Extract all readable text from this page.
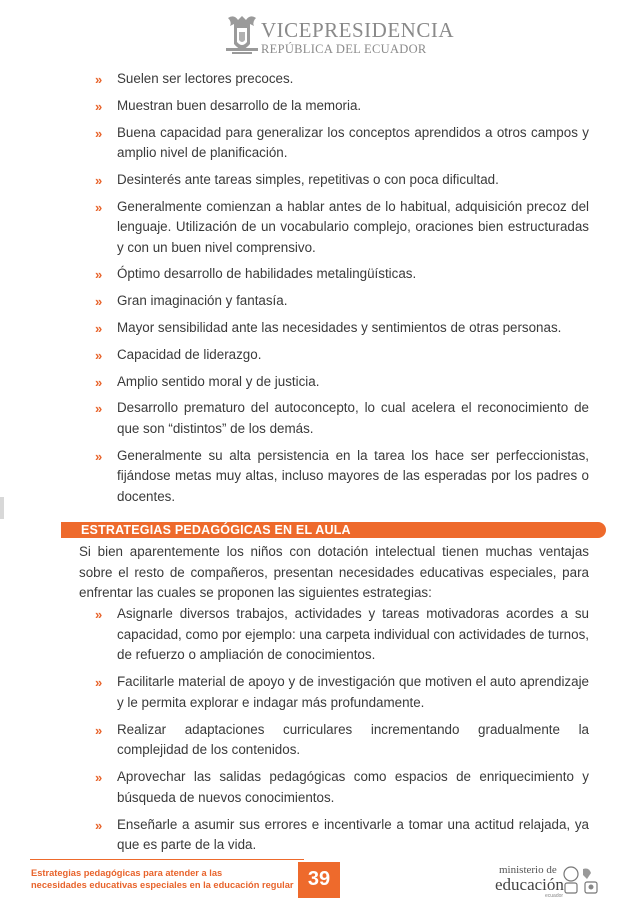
VICEPRESIDENCIA
REPÚBLICA DEL ECUADOR
» Suelen ser lectores precoces.
» Muestran buen desarrollo de la memoria.
» Buena capacidad para generalizar los conceptos aprendidos a otros campos y amplio nivel de planificación.
» Desinterés ante tareas simples, repetitivas o con poca dificultad.
» Generalmente comienzan a hablar antes de lo habitual, adquisición precoz del lenguaje. Utilización de un vocabulario complejo, oraciones bien estructuradas y con un buen nivel comprensivo.
» Óptimo desarrollo de habilidades metalingüísticas.
» Gran imaginación y fantasía.
» Mayor sensibilidad ante las necesidades y sentimientos de otras personas.
» Capacidad de liderazgo.
» Amplio sentido moral y de justicia.
» Desarrollo prematuro del autoconcepto, lo cual acelera el reconocimiento de que son “distintos” de los demás.
» Generalmente su alta persistencia en la tarea los hace ser perfeccionistas, fijándose metas muy altas, incluso mayores de las esperadas por los padres o docentes.
ESTRATEGIAS PEDAGÓGICAS EN EL AULA

Si bien aparentemente los niños con dotación intelectual tienen muchas ventajas sobre el resto de compañeros, presentan necesidades educativas especiales, para enfrentar las cuales se proponen las siguientes estrategias:

» Asignarle diversos trabajos, actividades y tareas motivadoras acordes a su capacidad, como por ejemplo: una carpeta individual con actividades de turnos, de refuerzo o ampliación de conocimientos.
» Facilitarle material de apoyo y de investigación que motiven el auto aprendizaje y le permita explorar e indagar más profundamente.
» Realizar adaptaciones curriculares incrementando gradualmente la complejidad de los contenidos.
» Aprovechar las salidas pedagógicas como espacios de enriquecimiento y búsqueda de nuevos conocimientos.
» Enseñarle a asumir sus errores e incentivarle a tomar una actitud relajada, ya que es parte de la vida.
Estrategias pedagógicas para atender a las
necesidades educativas especiales en la educación regular 39	ministerio de
educación
ecuador
